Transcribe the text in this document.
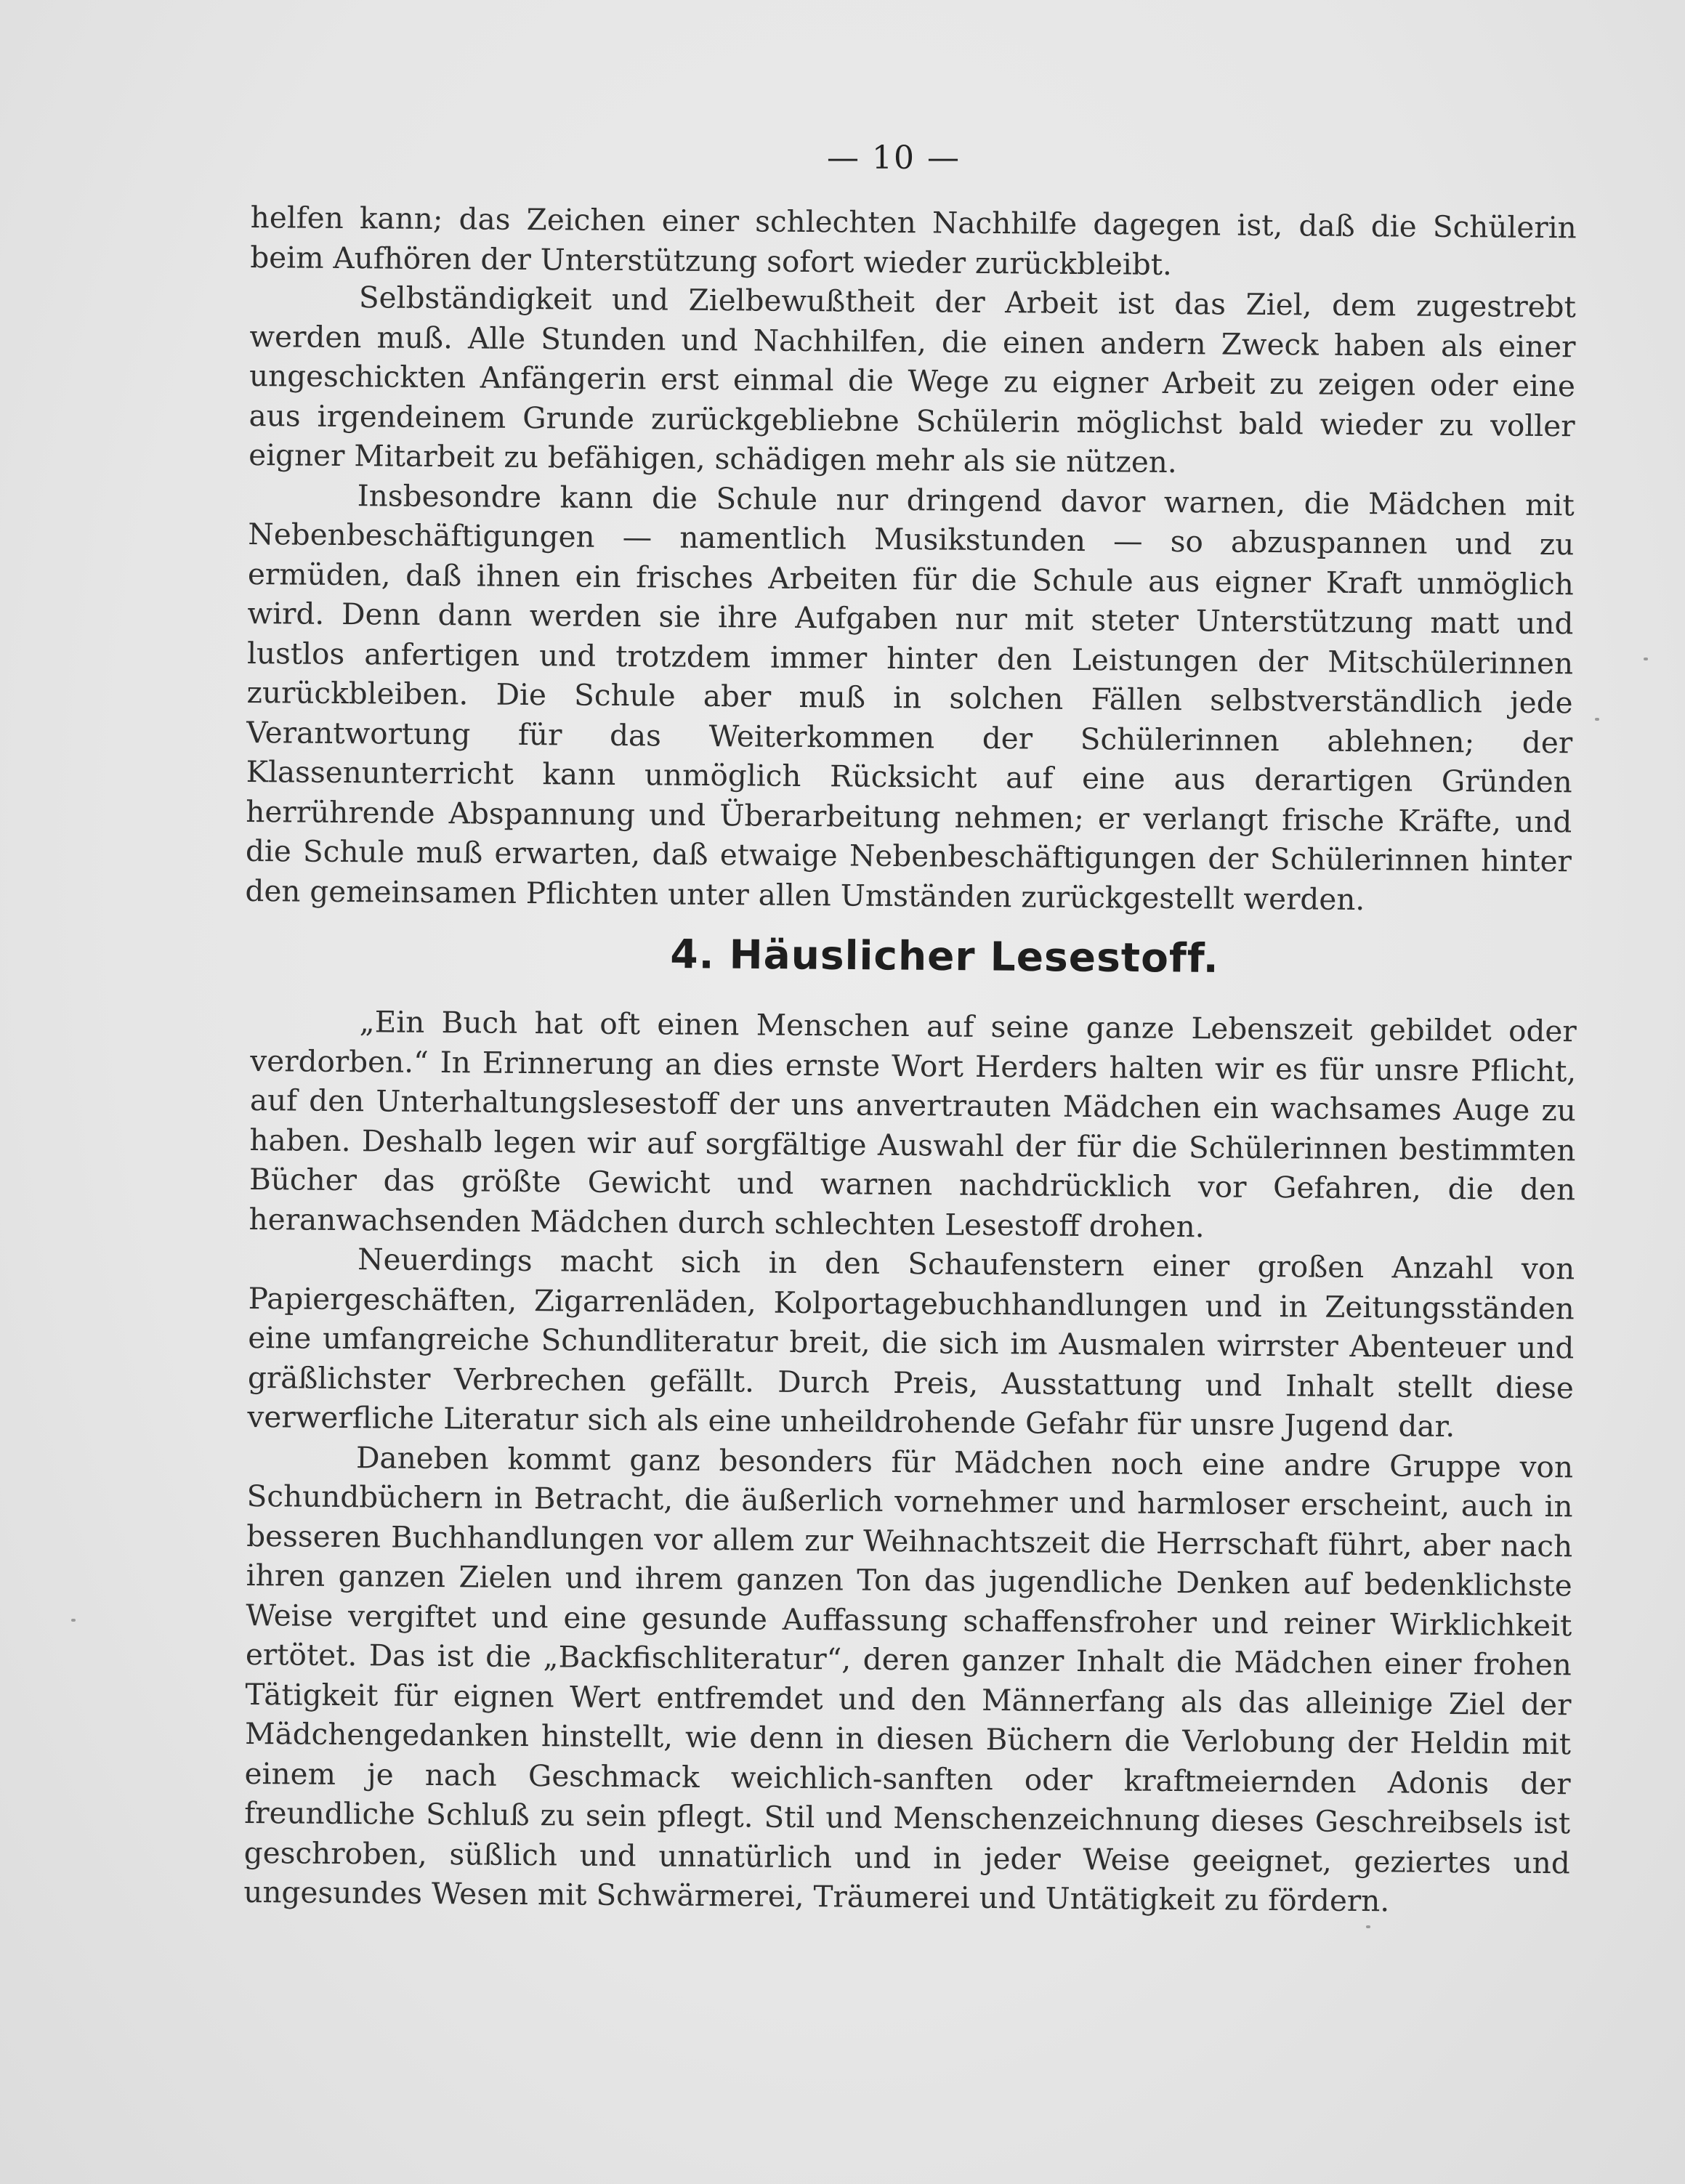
— 10 —

helfen kann; das Zeichen einer schlechten Nachhilfe dagegen ist, daß die Schülerin beim Aufhören der Unterstützung sofort wieder zurückbleibt.

Selbständigkeit und Zielbewußtheit der Arbeit ist das Ziel, dem zugestrebt werden muß. Alle Stunden und Nachhilfen, die einen andern Zweck haben als einer ungeschickten Anfängerin erst einmal die Wege zu eigner Arbeit zu zeigen oder eine aus irgendeinem Grunde zurückgebliebne Schülerin möglichst bald wieder zu voller eigner Mitarbeit zu befähigen, schädigen mehr als sie nützen.

Insbesondre kann die Schule nur dringend davor warnen, die Mädchen mit Nebenbeschäftigungen — namentlich Musikstunden — so abzuspannen und zu ermüden, daß ihnen ein frisches Arbeiten für die Schule aus eigner Kraft unmöglich wird. Denn dann werden sie ihre Aufgaben nur mit steter Unterstützung matt und lustlos anfertigen und trotzdem immer hinter den Leistungen der Mitschülerinnen zurückbleiben. Die Schule aber muß in solchen Fällen selbstverständlich jede Verantwortung für das Weiterkommen der Schülerinnen ablehnen; der Klassenunterricht kann unmöglich Rücksicht auf eine aus derartigen Gründen herrührende Abspannung und Überarbeitung nehmen; er verlangt frische Kräfte, und die Schule muß erwarten, daß etwaige Nebenbeschäftigungen der Schülerinnen hinter den gemeinsamen Pflichten unter allen Umständen zurückgestellt werden.

4. Häuslicher Lesestoff.

„Ein Buch hat oft einen Menschen auf seine ganze Lebenszeit gebildet oder verdorben.“ In Erinnerung an dies ernste Wort Herders halten wir es für unsre Pflicht, auf den Unterhaltungslesestoff der uns anvertrauten Mädchen ein wachsames Auge zu haben. Deshalb legen wir auf sorgfältige Auswahl der für die Schülerinnen bestimmten Bücher das größte Gewicht und warnen nachdrücklich vor Gefahren, die den heranwachsenden Mädchen durch schlechten Lesestoff drohen.

Neuerdings macht sich in den Schaufenstern einer großen Anzahl von Papiergeschäften, Zigarrenläden, Kolportagebuchhandlungen und in Zeitungsständen eine umfangreiche Schundliteratur breit, die sich im Ausmalen wirrster Abenteuer und gräßlichster Verbrechen gefällt. Durch Preis, Ausstattung und Inhalt stellt diese verwerfliche Literatur sich als eine unheildrohende Gefahr für unsre Jugend dar.

Daneben kommt ganz besonders für Mädchen noch eine andre Gruppe von Schundbüchern in Betracht, die äußerlich vornehmer und harmloser erscheint, auch in besseren Buchhandlungen vor allem zur Weihnachtszeit die Herrschaft führt, aber nach ihren ganzen Zielen und ihrem ganzen Ton das jugendliche Denken auf bedenklichste Weise vergiftet und eine gesunde Auffassung schaffensfroher und reiner Wirklichkeit ertötet. Das ist die „Backfischliteratur“, deren ganzer Inhalt die Mädchen einer frohen Tätigkeit für eignen Wert entfremdet und den Männerfang als das alleinige Ziel der Mädchengedanken hinstellt, wie denn in diesen Büchern die Verlobung der Heldin mit einem je nach Geschmack weichlich-sanften oder kraftmeiernden Adonis der freundliche Schluß zu sein pflegt. Stil und Menschenzeichnung dieses Geschreibsels ist geschroben, süßlich und unnatürlich und in jeder Weise geeignet, geziertes und ungesundes Wesen mit Schwärmerei, Träumerei und Untätigkeit zu fördern.
